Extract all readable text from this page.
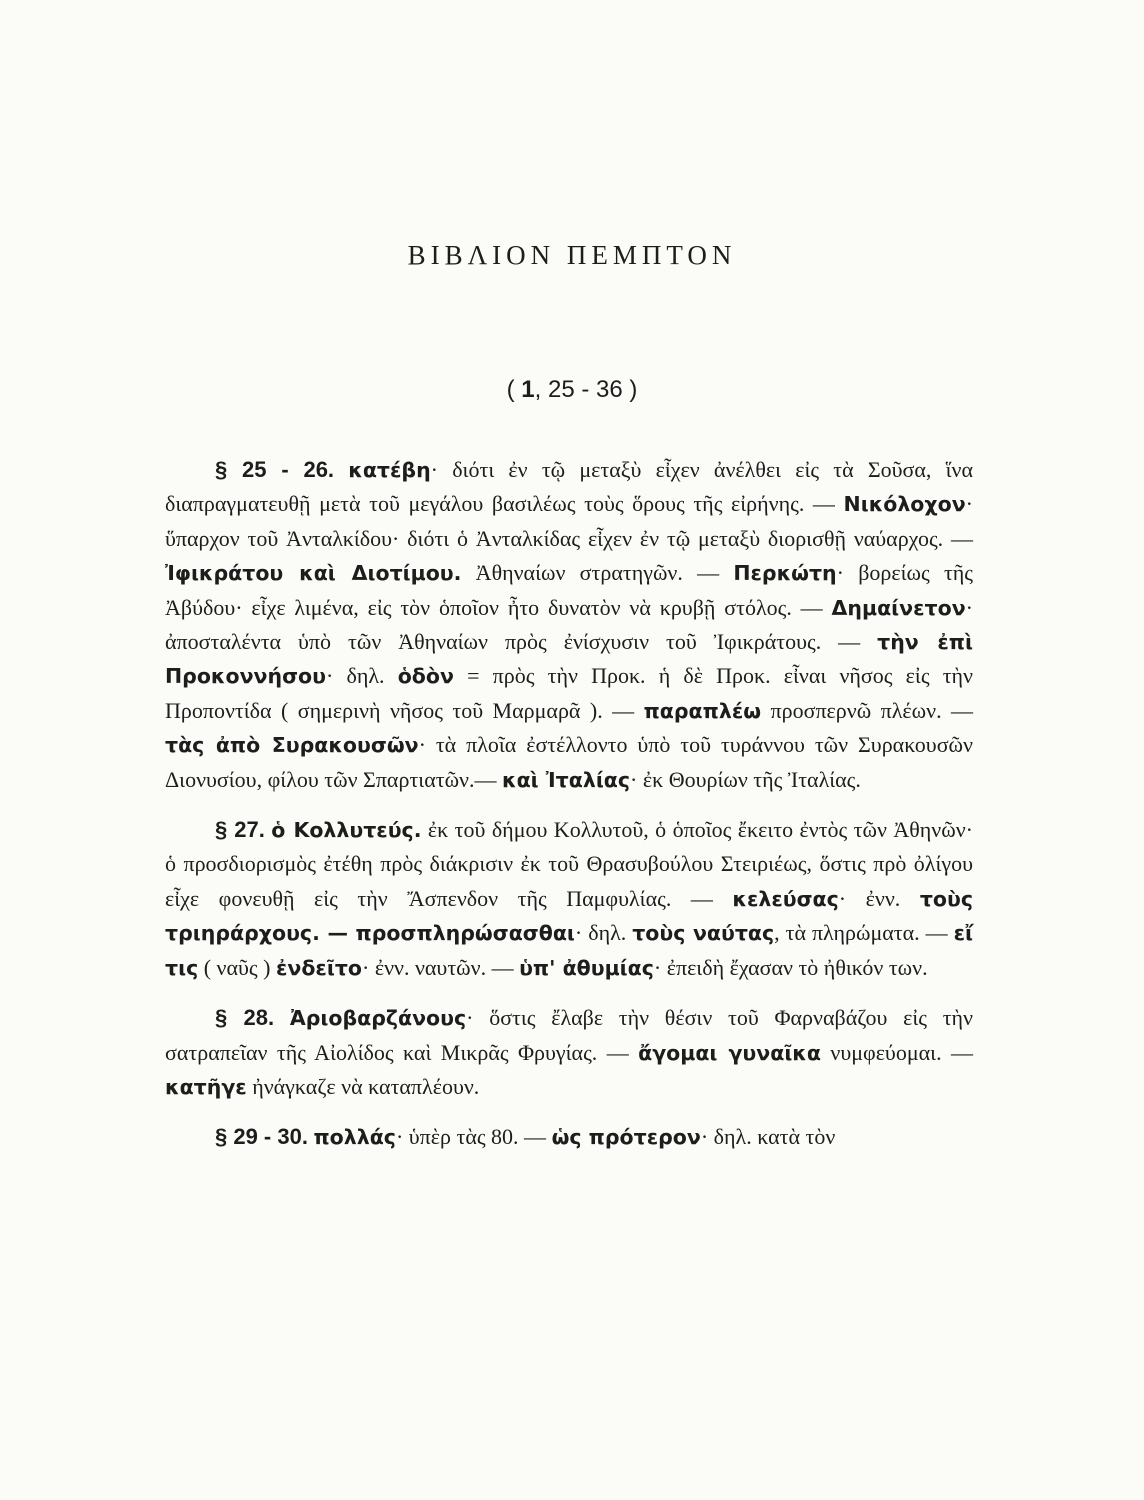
ΒΙΒΛΙΟΝ ΠΕΜΠΤΟΝ
( 1, 25 - 36 )

§ 25 - 26. κατέβη· διότι ἐν τῷ μεταξὺ εἶχεν ἀνέλθει εἰς τὰ Σοῦσα, ἵνα διαπραγματευθῇ μετὰ τοῦ μεγάλου βασιλέως τοὺς ὅρους τῆς εἰρήνης. — Νικόλοχον· ὕπαρχον τοῦ Ἀνταλκίδου· διότι ὁ Ἀνταλκίδας εἶχεν ἐν τῷ μεταξὺ διορισθῇ ναύαρχος. — Ἰφικράτου καὶ Διοτίμου. Ἀθηναίων στρατηγῶν. — Περκώτη· βορείως τῆς Ἀβύδου· εἶχε λιμένα, εἰς τὸν ὁποῖον ἦτο δυνατὸν νὰ κρυβῇ στόλος. — Δημαίνετον· ἀποσταλέντα ὑπὸ τῶν Ἀθηναίων πρὸς ἐνίσχυσιν τοῦ Ἰφικράτους. — τὴν ἐπὶ Προκοννήσου· δηλ. ὁδὸν = πρὸς τὴν Προκ. ἡ δὲ Προκ. εἶναι νῆσος εἰς τὴν Προποντίδα ( σημερινὴ νῆσος τοῦ Μαρμαρᾶ ). — παραπλέω προσπερνῶ πλέων. — τὰς ἀπὸ Συρακουσῶν· τὰ πλοῖα ἐστέλλοντο ὑπὸ τοῦ τυράννου τῶν Συρακουσῶν Διονυσίου, φίλου τῶν Σπαρτιατῶν.— καὶ Ἰταλίας· ἐκ Θουρίων τῆς Ἰταλίας.

§ 27. ὁ Κολλυτεύς. ἐκ τοῦ δήμου Κολλυτοῦ, ὁ ὁποῖος ἔκειτο ἐντὸς τῶν Ἀθηνῶν· ὁ προσδιορισμὸς ἐτέθη πρὸς διάκρισιν ἐκ τοῦ Θρασυβούλου Στειριέως, ὅστις πρὸ ὀλίγου εἶχε φονευθῇ εἰς τὴν Ἄσπενδον τῆς Παμφυλίας. — κελεύσας· ἐνν. τοὺς τριηράρχους. — προσπληρώσασθαι· δηλ. τοὺς ναύτας, τὰ πληρώματα. — εἴ τις ( ναῦς ) ἐνδεῖτο· ἐνν. ναυτῶν. — ὑπ' ἀθυμίας· ἐπειδὴ ἔχασαν τὸ ἠθικόν των.

§ 28. Ἀριοβαρζάνους· ὅστις ἔλαβε τὴν θέσιν τοῦ Φαρναβάζου εἰς τὴν σατραπεῖαν τῆς Αἰολίδος καὶ Μικρᾶς Φρυγίας. — ἄγομαι γυναῖκα νυμφεύομαι. — κατῆγε ἠνάγκαζε νὰ καταπλέουν.

§ 29 - 30. πολλάς· ὑπὲρ τὰς 80. — ὡς πρότερον· δηλ. κατὰ τὸν
